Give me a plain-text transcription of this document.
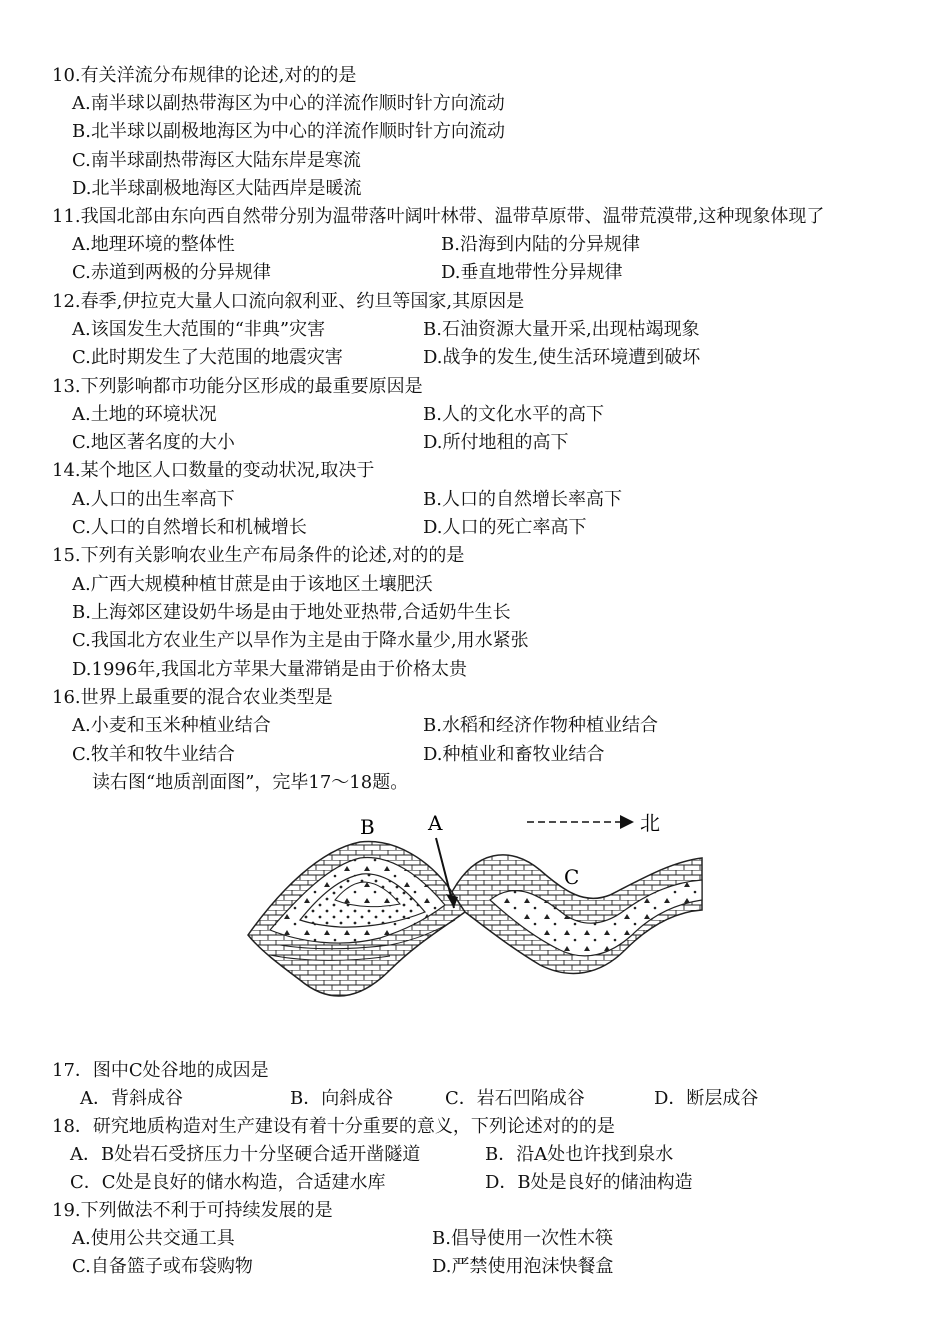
10.有关洋流分布规律的论述,对的的是
A.南半球以副热带海区为中心的洋流作顺时针方向流动
B.北半球以副极地海区为中心的洋流作顺时针方向流动
C.南半球副热带海区大陆东岸是寒流
D.北半球副极地海区大陆西岸是暖流
11.我国北部由东向西自然带分别为温带落叶阔叶林带、温带草原带、温带荒漠带,这种现象体现了
A.地理环境的整体性	B.沿海到内陆的分异规律
C.赤道到两极的分异规律	D.垂直地带性分异规律
12.春季,伊拉克大量人口流向叙利亚、约旦等国家,其原因是
A.该国发生大范围的“非典”灾害	B.石油资源大量开采,出现枯竭现象
C.此时期发生了大范围的地震灾害	D.战争的发生,使生活环境遭到破坏
13.下列影响都市功能分区形成的最重要原因是
A.土地的环境状况	B.人的文化水平的高下
C.地区著名度的大小	D.所付地租的高下
14.某个地区人口数量的变动状况,取决于
A.人口的出生率高下	B.人口的自然增长率高下
C.人口的自然增长和机械增长	D.人口的死亡率高下
15.下列有关影响农业生产布局条件的论述,对的的是
A.广西大规模种植甘蔗是由于该地区土壤肥沃
B.上海郊区建设奶牛场是由于地处亚热带,合适奶牛生长
C.我国北方农业生产以旱作为主是由于降水量少,用水紧张
D.1996年,我国北方苹果大量滞销是由于价格太贵
16.世界上最重要的混合农业类型是
A.小麦和玉米种植业结合	B.水稻和经济作物种植业结合
C.牧羊和牧牛业结合	D.种植业和畜牧业结合
读右图“地质剖面图”，完毕17～18题。
B	A
C
北
17．图中C处谷地的成因是
A．背斜成谷	B．向斜成谷	C．岩石凹陷成谷	D．断层成谷
18．研究地质构造对生产建设有着十分重要的意义，下列论述对的的是
A．B处岩石受挤压力十分坚硬合适开凿隧道	B．沿A处也许找到泉水
C．C处是良好的储水构造，合适建水库	D．B处是良好的储油构造
19.下列做法不利于可持续发展的是
A.使用公共交通工具	B.倡导使用一次性木筷
C.自备篮子或布袋购物	D.严禁使用泡沫快餐盒
